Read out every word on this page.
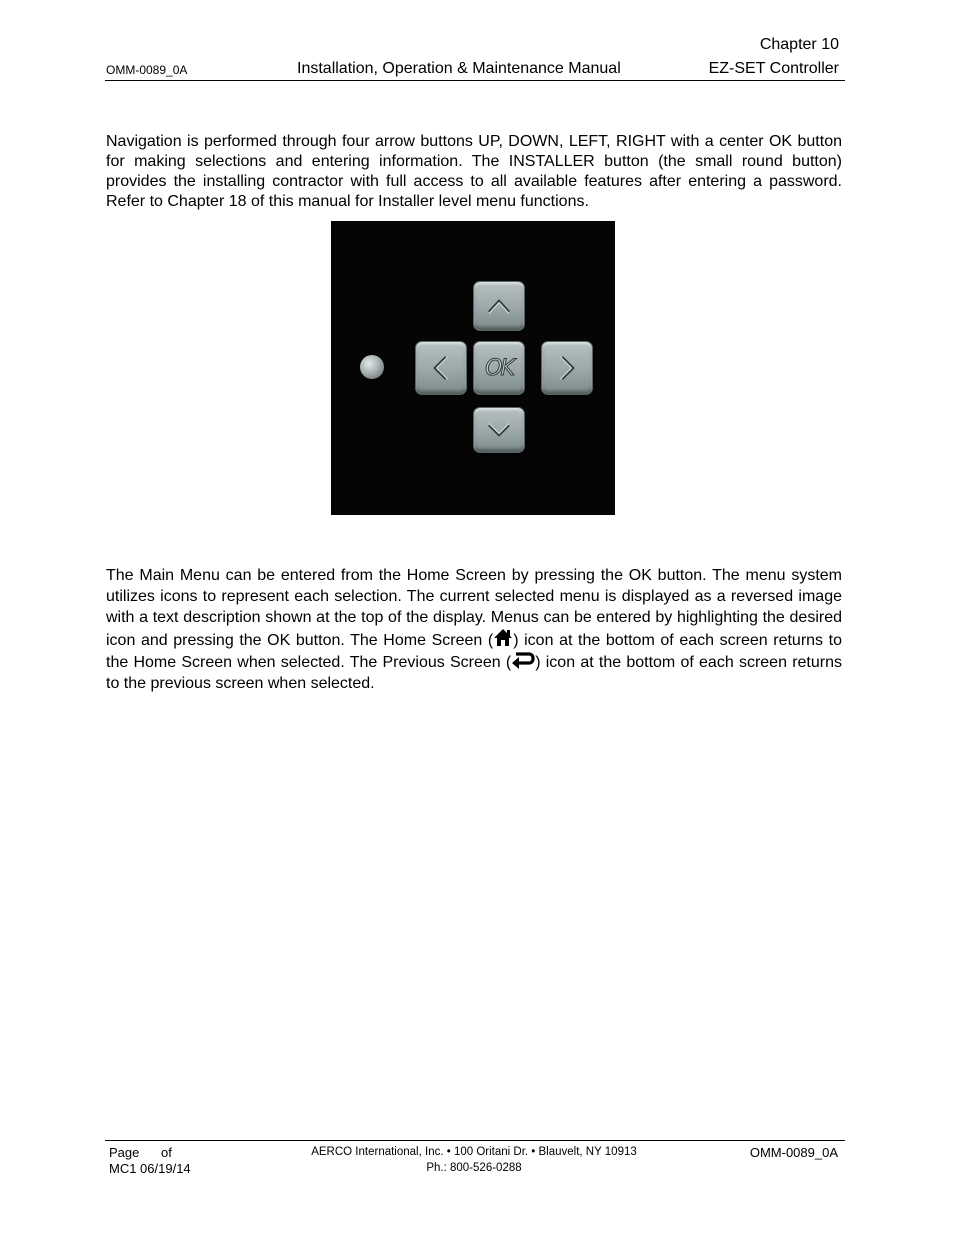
Chapter 10
OMM-0089_0A	Installation, Operation & Maintenance Manual	EZ-SET Controller

Navigation is performed through four arrow buttons UP, DOWN, LEFT, RIGHT with a center OK button for making selections and entering information. The INSTALLER button (the small round button) provides the installing contractor with full access to all available features after entering a password. Refer to Chapter 18 of this manual for Installer level menu functions.

OK

The Main Menu can be entered from the Home Screen by pressing the OK button. The menu system utilizes icons to represent each selection. The current selected menu is displayed as a reversed image with a text description shown at the top of the display. Menus can be entered by highlighting the desired icon and pressing the OK button. The Home Screen ( ) icon at the bottom of each screen returns to the Home Screen when selected. The Previous Screen ( ) icon at the bottom of each screen returns to the previous screen when selected.

Page      of
MC1 06/19/14
AERCO International, Inc. • 100 Oritani Dr. • Blauvelt, NY 10913
Ph.: 800-526-0288
OMM-0089_0A
